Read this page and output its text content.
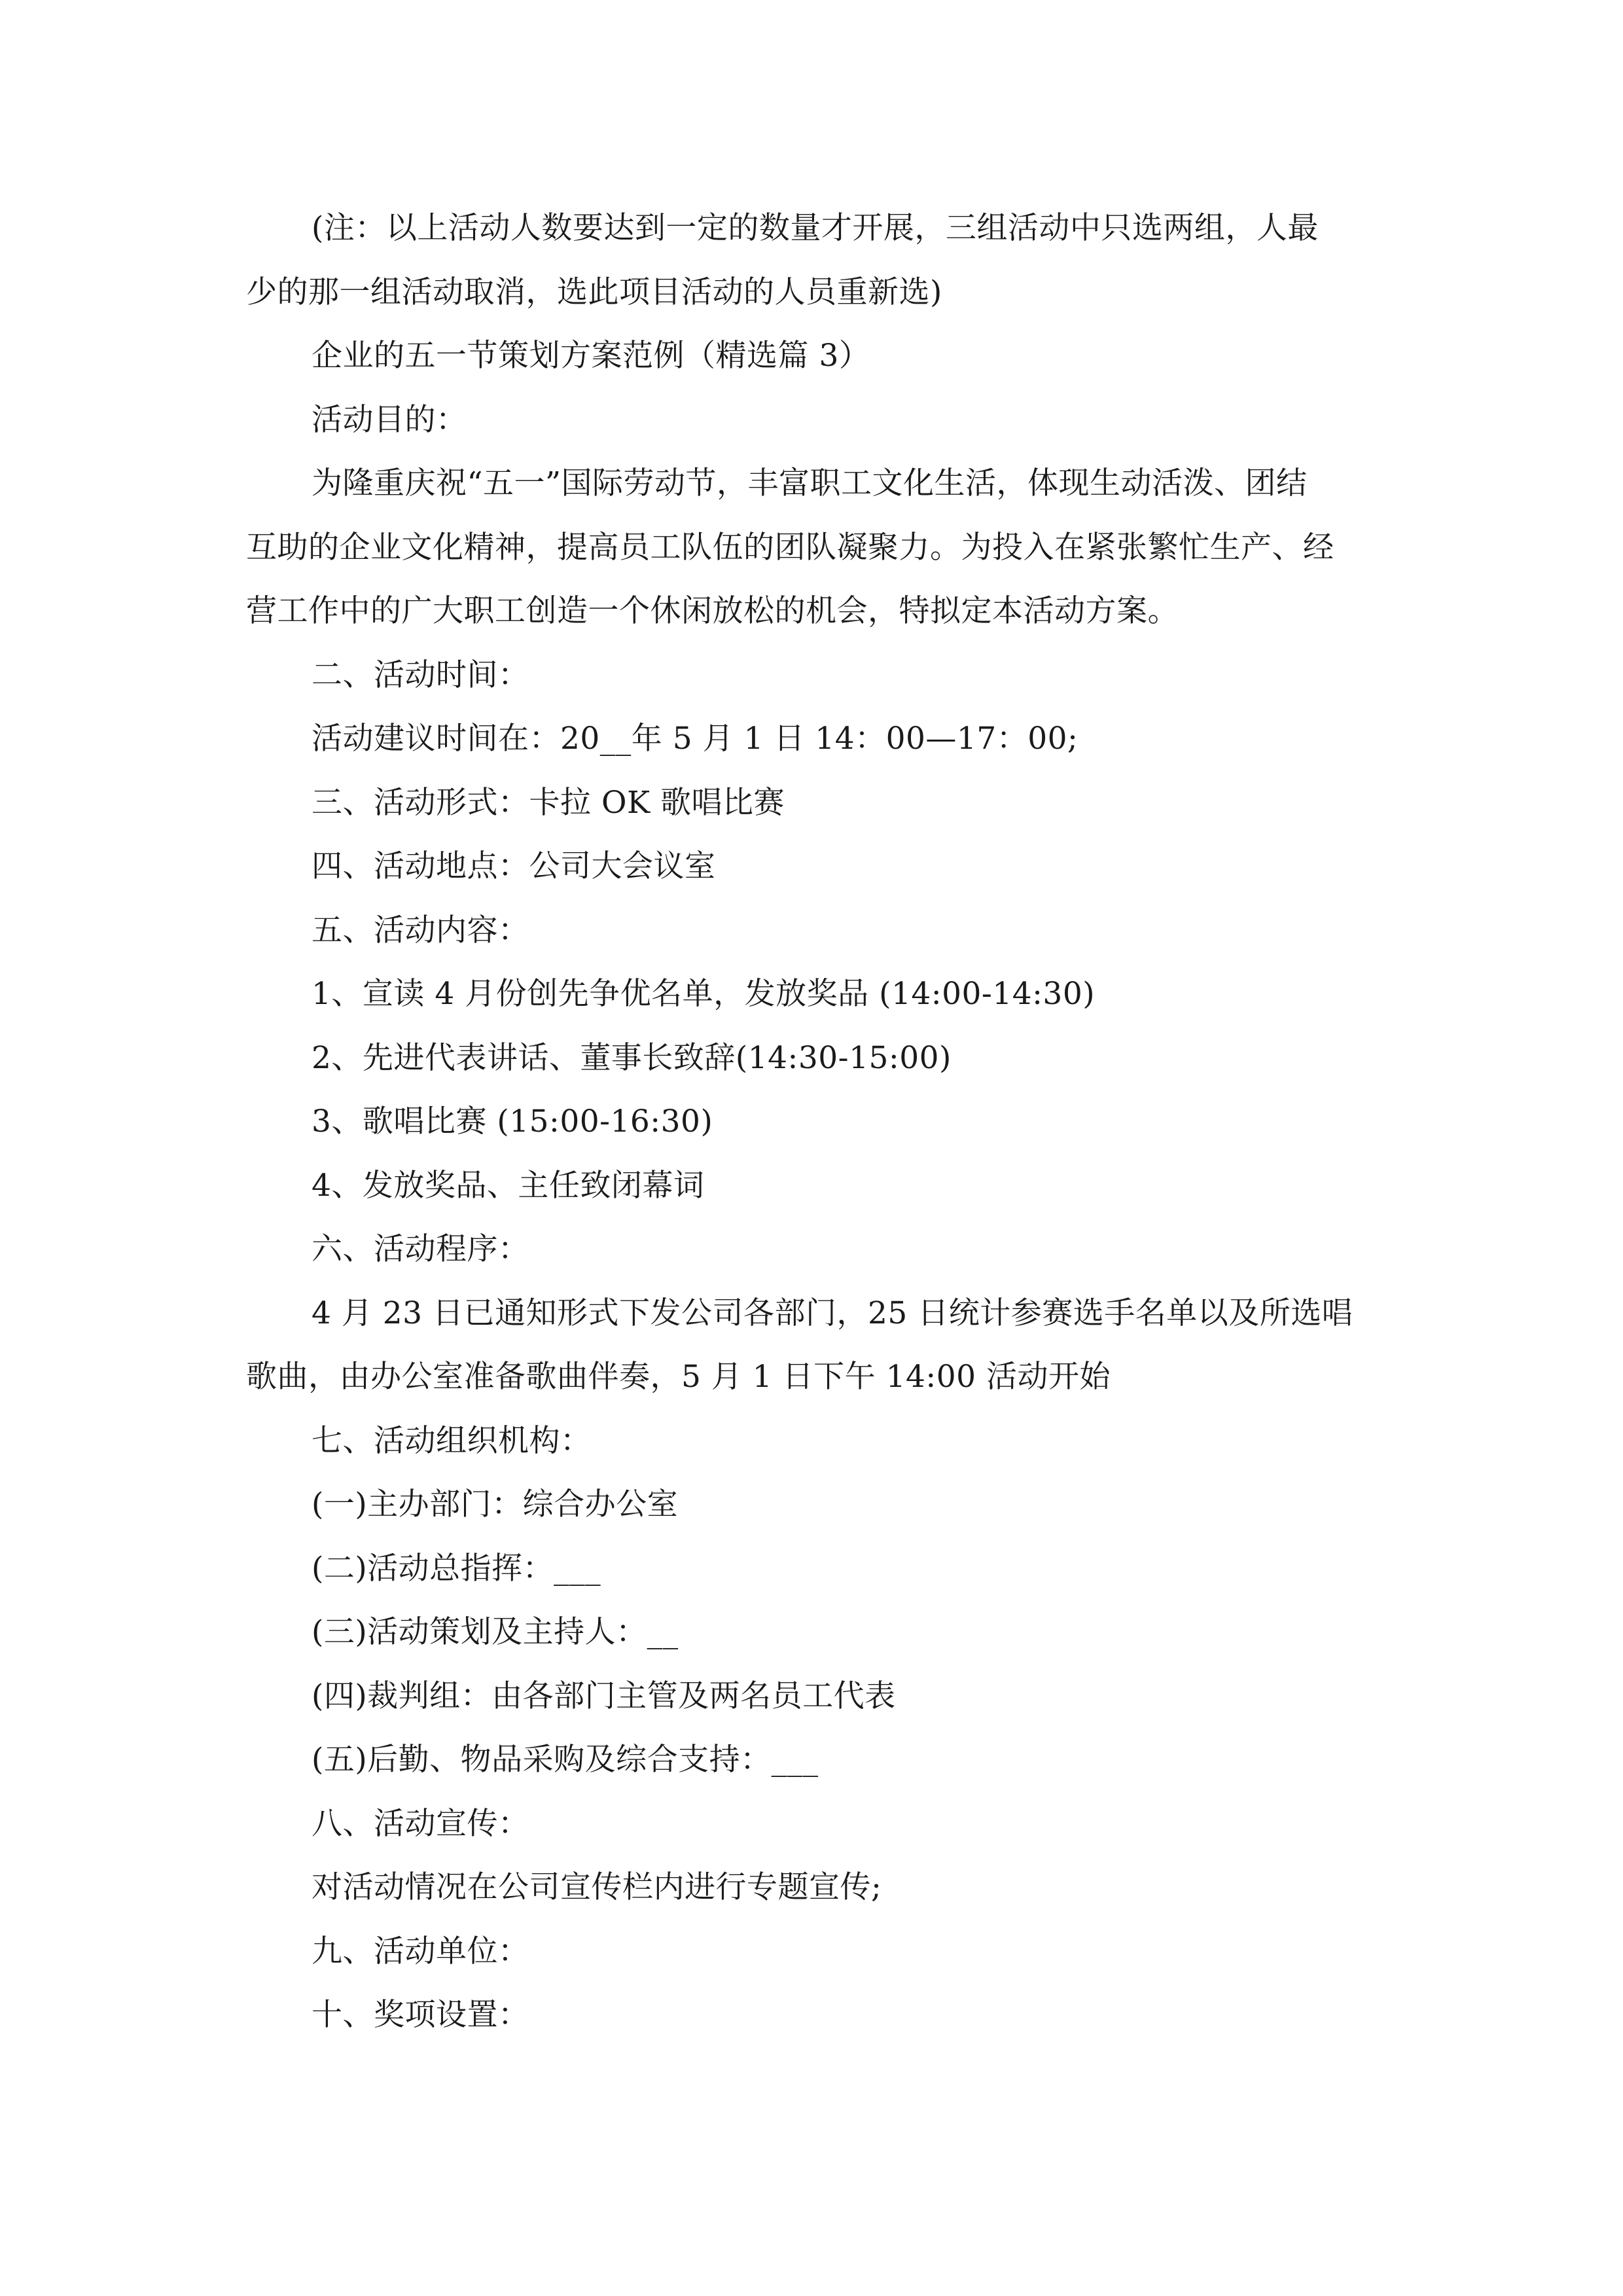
(注：以上活动人数要达到一定的数量才开展，三组活动中只选两组，人最
少的那一组活动取消，选此项目活动的人员重新选)
企业的五一节策划方案范例（精选篇 3）
活动目的：
为隆重庆祝“五一”国际劳动节，丰富职工文化生活，体现生动活泼、团结
互助的企业文化精神，提高员工队伍的团队凝聚力。为投入在紧张繁忙生产、经
营工作中的广大职工创造一个休闲放松的机会，特拟定本活动方案。
二、活动时间：
活动建议时间在：20__年 5 月 1 日 14：00—17：00;
三、活动形式：卡拉 OK 歌唱比赛
四、活动地点：公司大会议室
五、活动内容：
1、宣读 4 月份创先争优名单，发放奖品 (14:00-14:30)
2、先进代表讲话、董事长致辞(14:30-15:00)
3、歌唱比赛 (15:00-16:30)
4、发放奖品、主任致闭幕词
六、活动程序：
4 月 23 日已通知形式下发公司各部门，25 日统计参赛选手名单以及所选唱
歌曲，由办公室准备歌曲伴奏，5 月 1 日下午 14:00 活动开始
七、活动组织机构：
(一)主办部门：综合办公室
(二)活动总指挥：___
(三)活动策划及主持人：__
(四)裁判组：由各部门主管及两名员工代表
(五)后勤、物品采购及综合支持：___
八、活动宣传：
对活动情况在公司宣传栏内进行专题宣传;
九、活动单位：
十、奖项设置：
